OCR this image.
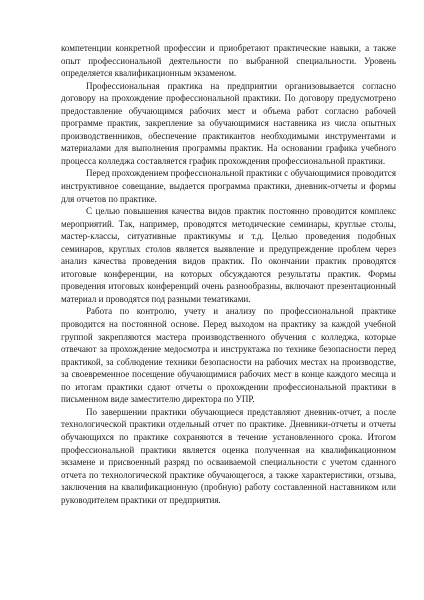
компетенции конкретной профессии и приобретают практические навыки, а также опыт профессиональной деятельности по выбранной специальности. Уровень определяется квалификационным экзаменом.

Профессиональная практика на предприятии организовывается согласно договору на прохождение профессиональной практики. По договору предусмотрено предоставление обучающимся рабочих мест и объема работ согласно рабочей программе практик, закрепление за обучающимися наставника из числа опытных производственников, обеспечение практикантов необходимыми инструментами и материалами для выполнения программы практик. На основании графика учебного процесса колледжа составляется график прохождения профессиональной практики.

Перед прохождением профессиональной практики с обучающимися проводится инструктивное совещание, выдается программа практики, дневник-отчеты и формы для отчетов по практике.

С целью повышения качества видов практик постоянно проводится комплекс мероприятий. Так, например, проводятся методические семинары, круглые столы, мастер-классы, ситуативные практикумы и т.д. Целью проведения подобных семинаров, круглых столов является выявление и предупреждение проблем через анализ качества проведения видов практик. По окончании практик проводятся итоговые конференции, на которых обсуждаются результаты практик. Формы проведения итоговых конференций очень разнообразны, включают презентационный материал и проводятся под разными тематиками.

Работа по контролю, учету и анализу по профессиональной практике проводится на постоянной основе. Перед выходом на практику за каждой учебной группой закрепляются мастера производственного обучения с колледжа, которые отвечают за прохождение медосмотра и инструктажа по технике безопасности перед практикой, за соблюдение техники безопасности на рабочих местах на производстве, за своевременное посещение обучающимися рабочих мест в конце каждого месяца и по итогам практики сдают отчеты о прохождении профессиональной практики в письменном виде заместителю директора по УПР.

По завершении практики обучающиеся представляют дневник-отчет, а после технологической практики отдельный отчет по практике. Дневники-отчеты и отчеты обучающихся по практике сохраняются в течение установленного срока. Итогом профессиональной практики является оценка полученная на квалификационном экзамене и присвоенный разряд по осваиваемой специальности с учетом сданного отчета по технологической практике обучающегося, а также характеристики, отзыва, заключения на квалификационную (пробную) работу составленной наставником или руководителем практики от предприятия.
